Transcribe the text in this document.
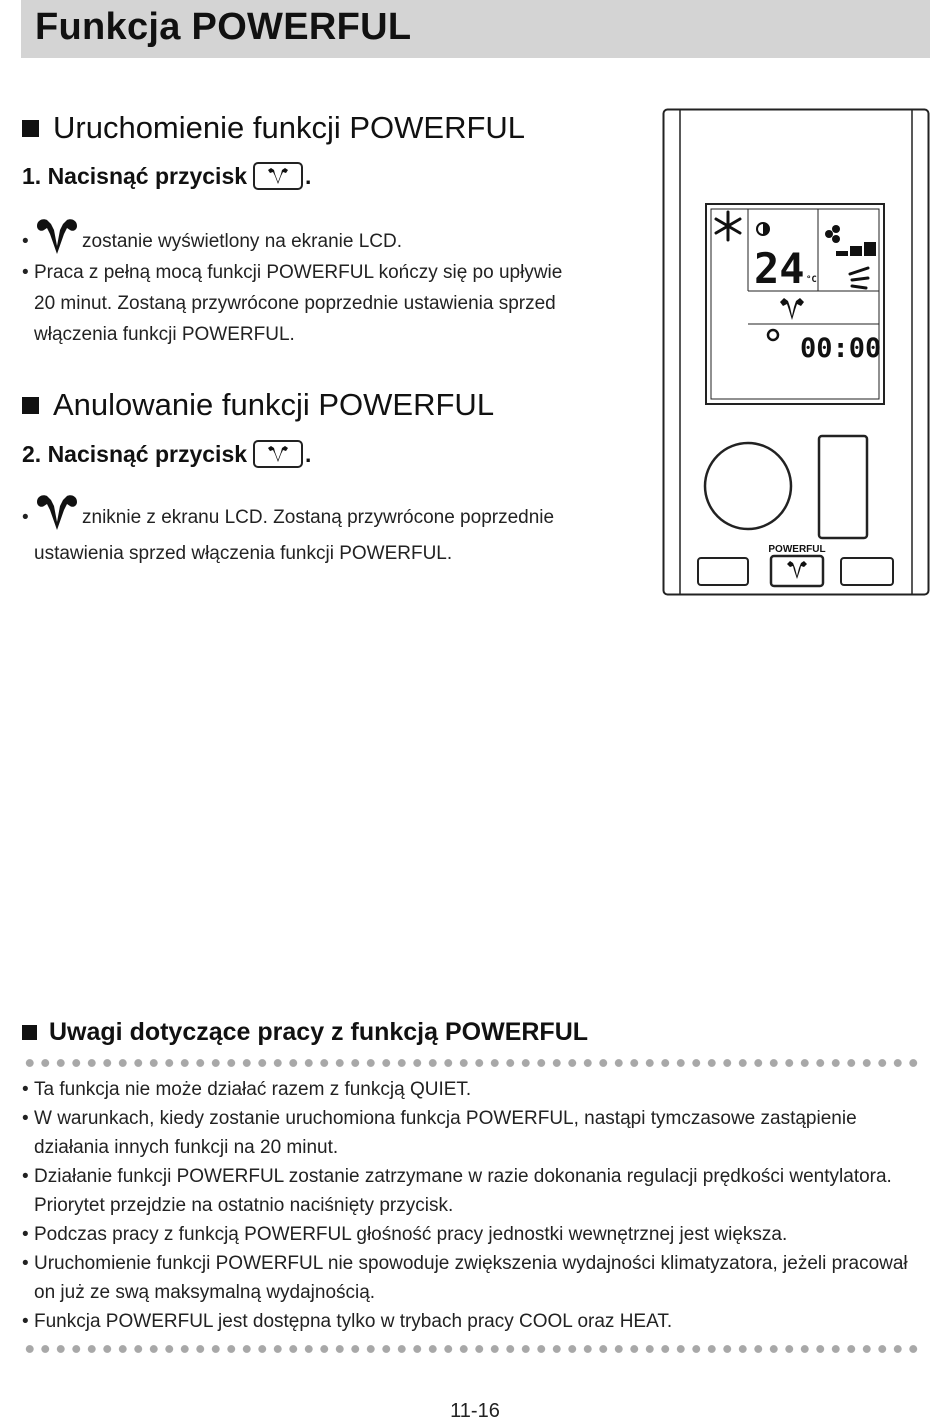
Funkcja POWERFUL
Uruchomienie funkcji POWERFUL

1. Nacisnąć przycisk	.

•	zostanie wyświetlony na ekranie LCD.

• Praca z pełną mocą funkcji POWERFUL kończy się po upływie
20 minut. Zostaną przywrócone poprzednie ustawienia sprzed
włączenia funkcji POWERFUL.

Anulowanie funkcji POWERFUL

2. Nacisnąć przycisk	.

•	zniknie z ekranu LCD. Zostaną przywrócone poprzednie
ustawienia sprzed włączenia funkcji POWERFUL.

24 °C
00:00
POWERFUL
Uwagi dotyczące pracy z funkcją POWERFUL
• Ta funkcja nie może działać razem z funkcją QUIET.
• W warunkach, kiedy zostanie uruchomiona funkcja POWERFUL, nastąpi tymczasowe zastąpienie działania innych funkcji na 20 minut.
• Działanie funkcji POWERFUL zostanie zatrzymane w razie dokonania regulacji prędkości wentylatora. Priorytet przejdzie na ostatnio naciśnięty przycisk.
• Podczas pracy z funkcją POWERFUL głośność pracy jednostki wewnętrznej jest większa.
• Uruchomienie funkcji POWERFUL nie spowoduje zwiększenia wydajności klimatyzatora, jeżeli pracował on już ze swą maksymalną wydajnością.
• Funkcja POWERFUL jest dostępna tylko w trybach pracy COOL oraz HEAT.
11-16
